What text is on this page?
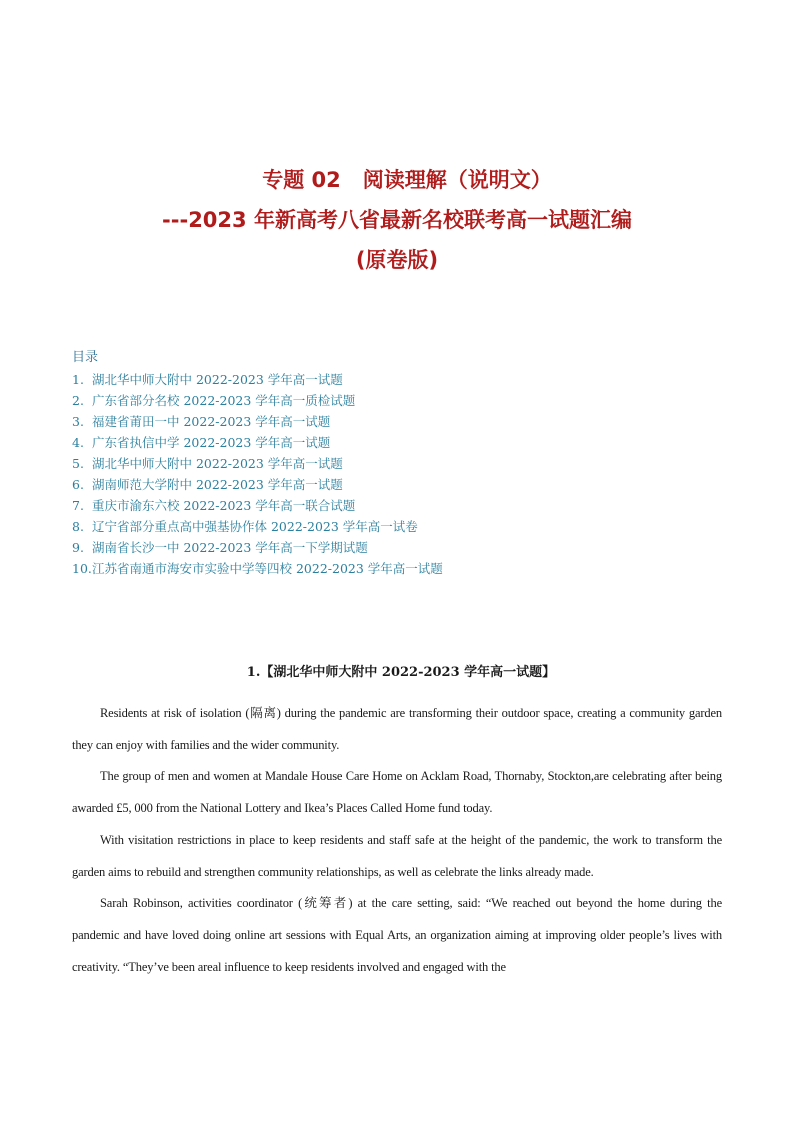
专题 02 阅读理解（说明文）
---2023 年新高考八省最新名校联考高一试题汇编
(原卷版)
目录
1. 湖北华中师大附中 2022-2023 学年高一试题
2. 广东省部分名校 2022-2023 学年高一质检试题
3. 福建省莆田一中 2022-2023 学年高一试题
4. 广东省执信中学 2022-2023 学年高一试题
5. 湖北华中师大附中 2022-2023 学年高一试题
6. 湖南师范大学附中 2022-2023 学年高一试题
7. 重庆市渝东六校 2022-2023 学年高一联合试题
8. 辽宁省部分重点高中强基协作体 2022-2023 学年高一试卷
9. 湖南省长沙一中 2022-2023 学年高一下学期试题
10.江苏省南通市海安市实验中学等四校 2022-2023 学年高一试题
1.【湖北华中师大附中 2022-2023 学年高一试题】

Residents at risk of isolation (隔离) during the pandemic are transforming their outdoor space, creating a community garden they can enjoy with families and the wider community.

The group of men and women at Mandale House Care Home on Acklam Road, Thornaby, Stockton,are celebrating after being awarded £5, 000 from the National Lottery and Ikea’s Places Called Home fund today.

With visitation restrictions in place to keep residents and staff safe at the height of the pandemic, the work to transform the garden aims to rebuild and strengthen community relationships, as well as celebrate the links already made.

Sarah Robinson, activities coordinator (统筹者) at the care setting, said: “We reached out beyond the home during the pandemic and have loved doing online art sessions with Equal Arts, an organization aiming at improving older people’s lives with creativity. “They’ve been areal influence to keep residents involved and engaged with the
